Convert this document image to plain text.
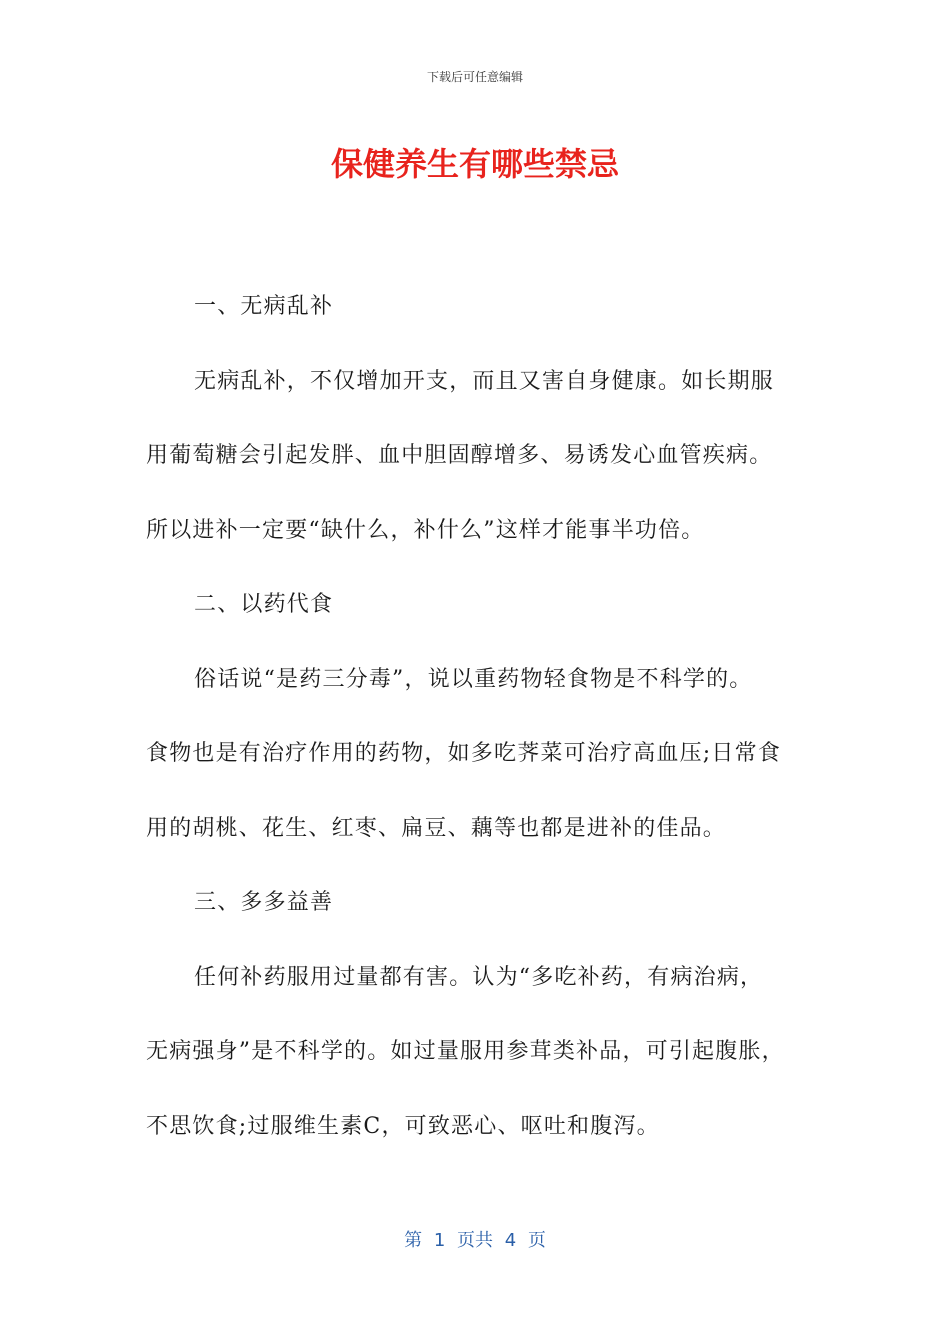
下载后可任意编辑
保健养生有哪些禁忌
一、无病乱补
无病乱补，不仅增加开支，而且又害自身健康。如长期服
用葡萄糖会引起发胖、血中胆固醇增多、易诱发心血管疾病。
所以进补一定要“缺什么，补什么”这样才能事半功倍。
二、以药代食
俗话说“是药三分毒”，说以重药物轻食物是不科学的。
食物也是有治疗作用的药物，如多吃荠菜可治疗高血压;日常食
用的胡桃、花生、红枣、扁豆、藕等也都是进补的佳品。
三、多多益善
任何补药服用过量都有害。认为“多吃补药，有病治病，
无病强身”是不科学的。如过量服用参茸类补品，可引起腹胀，
不思饮食;过服维生素C，可致恶心、呕吐和腹泻。
第 1 页共 4 页
